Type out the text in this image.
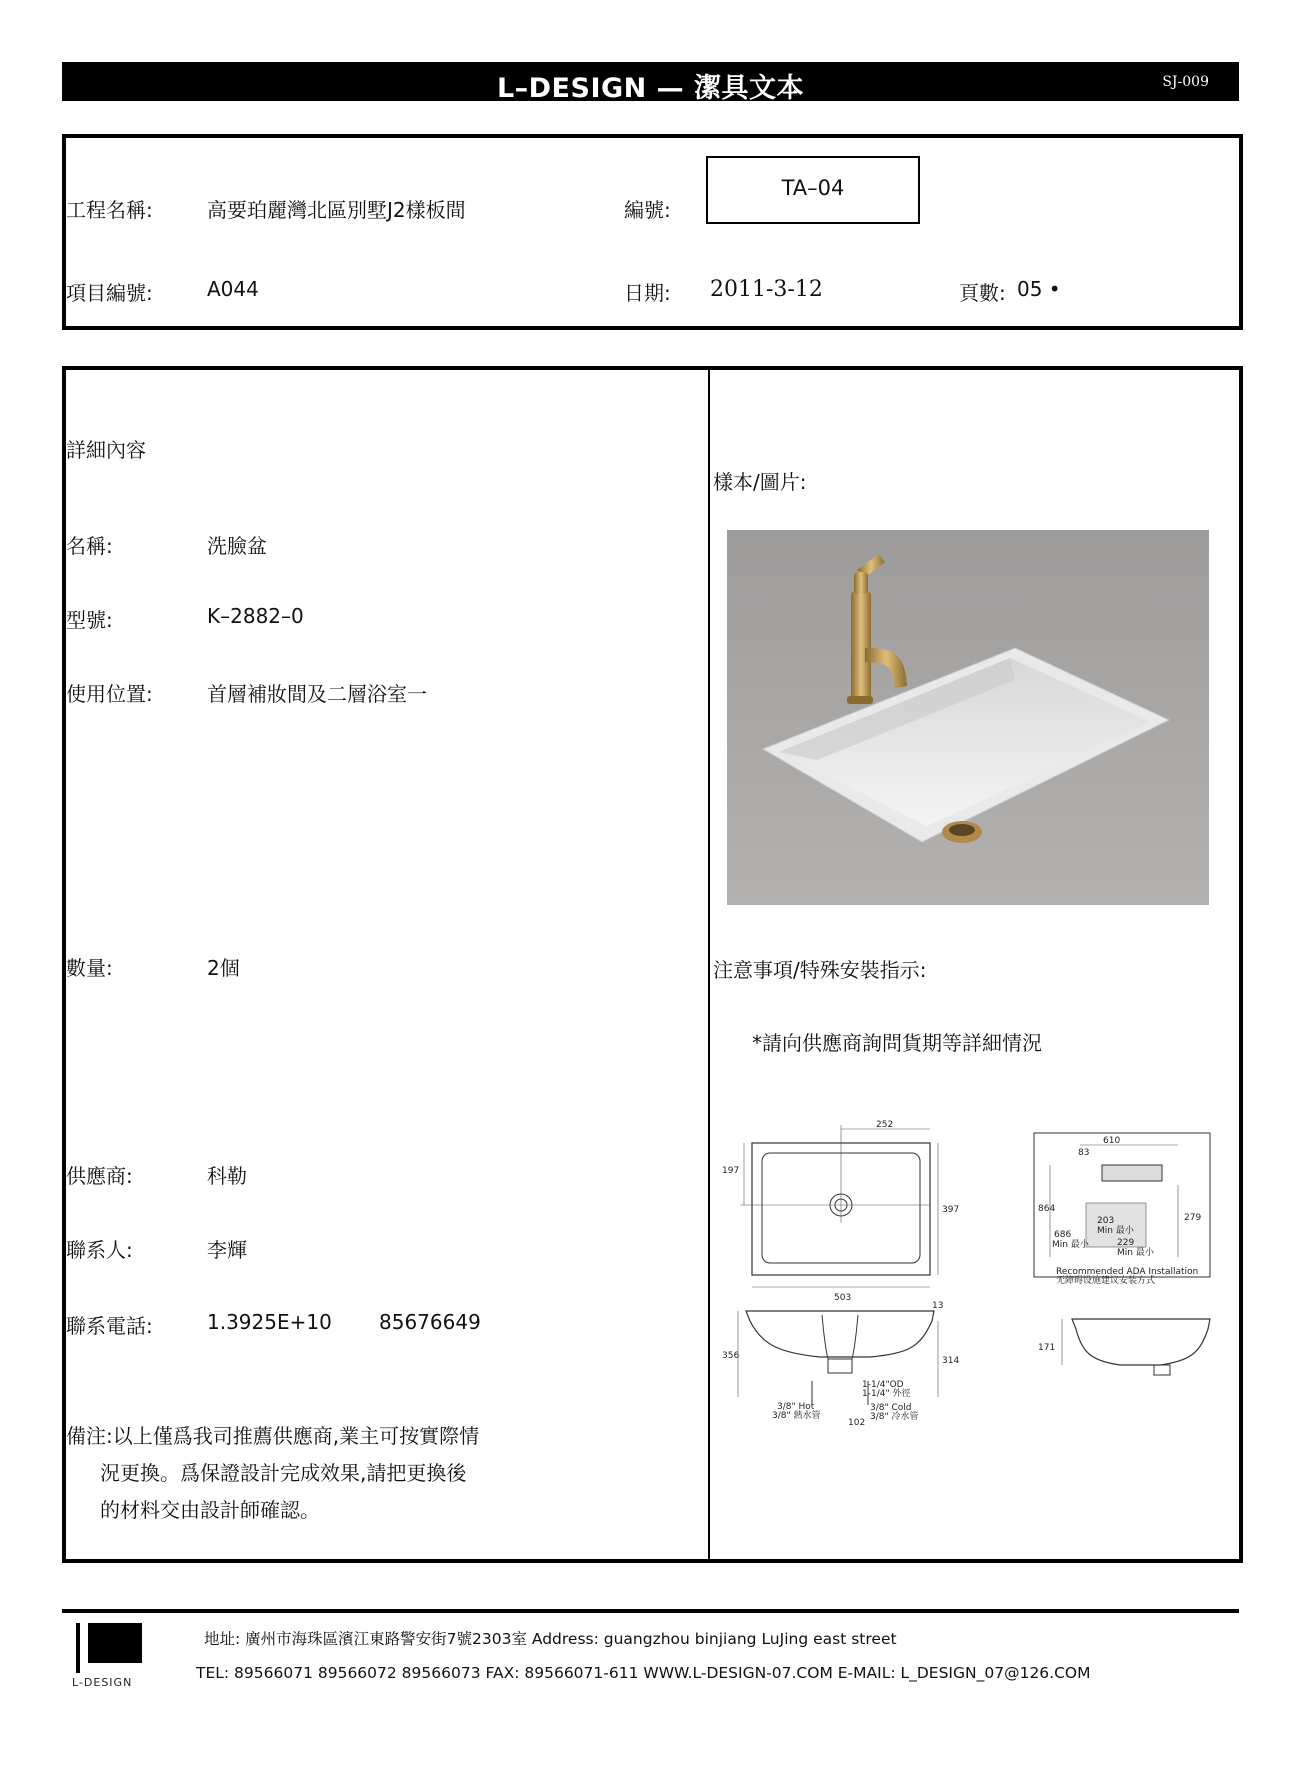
L–DESIGN — 潔具文本	SJ-009
工程名稱:	高要珀麗灣北區別墅J2樣板間	編號:
TA–04
項目編號:	A044	日期: 2011-3-12	頁數: 05 •
詳細內容
名稱:	洗臉盆
型號:	K–2882–0
使用位置:	首層補妝間及二層浴室一
數量:	2個
供應商:	科勒
聯系人:	李輝
聯系電話:	1.3925E+10 85676649
備注:以上僅爲我司推薦供應商,業主可按實際情
況更換。爲保證設計完成效果,請把更換後
的材料交由設計師確認。
樣本/圖片:
注意事項/特殊安裝指示:
*請向供應商詢問貨期等詳細情況
252
197
397
503
13
356	314
1-1/4"OD
1-1/4" 外徑
3/8" Hot
3/8" 熱水管
3/8" Cold
3/8" 冷水管
102
610
83
864
279
203
Min 最小
686
Min 最小	229
Min 最小
Recommended ADA Installation
无障碍设施建议安装方式
171
L-DESIGN
地址: 廣州市海珠區濱江東路警安街7號2303室 Address: guangzhou binjiang LuJing east street
TEL: 89566071 89566072 89566073 FAX: 89566071-611 WWW.L-DESIGN-07.COM E-MAIL: L_DESIGN_07@126.COM
